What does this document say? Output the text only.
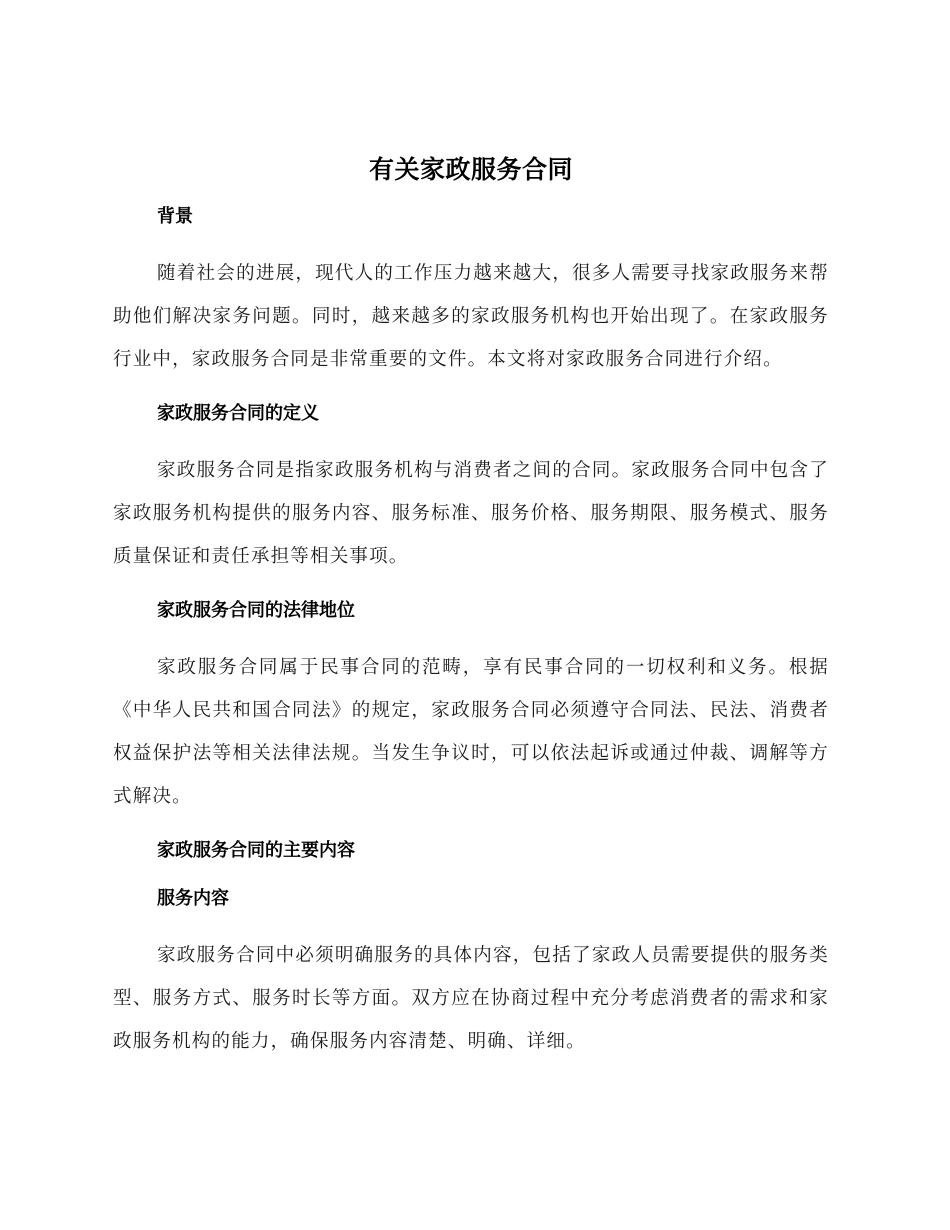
有关家政服务合同
背景

随着社会的进展，现代人的工作压力越来越大，很多人需要寻找家政服务来帮助他们解决家务问题。同时，越来越多的家政服务机构也开始出现了。在家政服务行业中，家政服务合同是非常重要的文件。本文将对家政服务合同进行介绍。

家政服务合同的定义

家政服务合同是指家政服务机构与消费者之间的合同。家政服务合同中包含了家政服务机构提供的服务内容、服务标准、服务价格、服务期限、服务模式、服务质量保证和责任承担等相关事项。

家政服务合同的法律地位

家政服务合同属于民事合同的范畴，享有民事合同的一切权利和义务。根据《中华人民共和国合同法》的规定，家政服务合同必须遵守合同法、民法、消费者权益保护法等相关法律法规。当发生争议时，可以依法起诉或通过仲裁、调解等方式解决。

家政服务合同的主要内容
服务内容

家政服务合同中必须明确服务的具体内容，包括了家政人员需要提供的服务类型、服务方式、服务时长等方面。双方应在协商过程中充分考虑消费者的需求和家政服务机构的能力，确保服务内容清楚、明确、详细。
